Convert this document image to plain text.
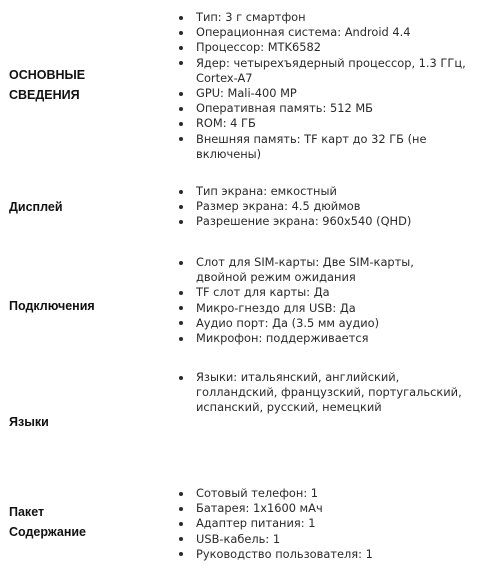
ОСНОВНЫЕ
СВЕДЕНИЯ
Тип: 3 г смартфон
Операционная система: Android 4.4
Процессор: MTK6582
Ядер: четырехъядерный процессор, 1.3 ГГц,
Cortex-A7
GPU: Mali-400 MP
Оперативная память: 512 МБ
ROM: 4 ГБ
Внешняя память: TF карт до 32 ГБ (не
включены)
Дисплей
Тип экрана: емкостный
Размер экрана: 4.5 дюймов
Разрешение экрана: 960x540 (QHD)
Подключения
Слот для SIM-карты: Две SIM-карты,
двойной режим ожидания
TF слот для карты: Да
Микро-гнездо для USB: Да
Аудио порт: Да (3.5 мм аудио)
Микрофон: поддерживается
Языки
Языки: итальянский, английский,
голландский, французский, португальский,
испанский, русский, немецкий
Пакет
Содержание
Сотовый телефон: 1
Батарея: 1x1600 мАч
Адаптер питания: 1
USB-кабель: 1
Руководство пользователя: 1
